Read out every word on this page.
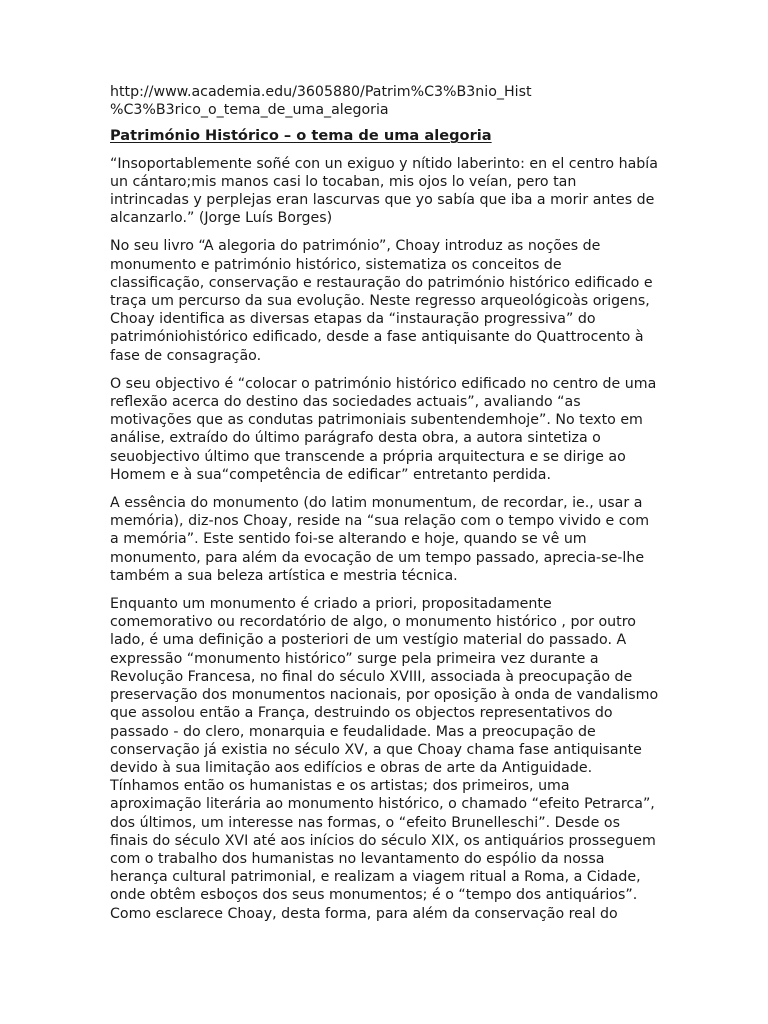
http://www.academia.edu/3605880/Patrim%C3%B3nio_Hist
%C3%B3rico_o_tema_de_uma_alegoria
Património Histórico – o tema de uma alegoria
“Insoportablemente soñé con un exiguo y nítido laberinto: en el centro había
un cántaro;mis manos casi lo tocaban, mis ojos lo veían, pero tan
intrincadas y perplejas eran lascurvas que yo sabía que iba a morir antes de
alcanzarlo.” (Jorge Luís Borges)
No seu livro “A alegoria do património”, Choay introduz as noções de
monumento e património histórico, sistematiza os conceitos de
classificação, conservação e restauração do património histórico edificado e
traça um percurso da sua evolução. Neste regresso arqueológicoàs origens,
Choay identifica as diversas etapas da “instauração progressiva” do
patrimóniohistórico edificado, desde a fase antiquisante do Quattrocento à
fase de consagração.
O seu objectivo é “colocar o património histórico edificado no centro de uma
reflexão acerca do destino das sociedades actuais”, avaliando “as
motivações que as condutas patrimoniais subentendemhoje”. No texto em
análise, extraído do último parágrafo desta obra, a autora sintetiza o
seuobjectivo último que transcende a própria arquitectura e se dirige ao
Homem e à sua“competência de edificar” entretanto perdida.
A essência do monumento (do latim monumentum, de recordar, ie., usar a
memória), diz-nos Choay, reside na “sua relação com o tempo vivido e com
a memória”. Este sentido foi-se alterando e hoje, quando se vê um
monumento, para além da evocação de um tempo passado, aprecia-se-lhe
também a sua beleza artística e mestria técnica.
Enquanto um monumento é criado a priori, propositadamente
comemorativo ou recordatório de algo, o monumento histórico , por outro
lado, é uma definição a posteriori de um vestígio material do passado. A
expressão “monumento histórico” surge pela primeira vez durante a
Revolução Francesa, no final do século XVIII, associada à preocupação de
preservação dos monumentos nacionais, por oposição à onda de vandalismo
que assolou então a França, destruindo os objectos representativos do
passado - do clero, monarquia e feudalidade. Mas a preocupação de
conservação já existia no século XV, a que Choay chama fase antiquisante
devido à sua limitação aos edifícios e obras de arte da Antiguidade.
Tínhamos então os humanistas e os artistas; dos primeiros, uma
aproximação literária ao monumento histórico, o chamado “efeito Petrarca”,
dos últimos, um interesse nas formas, o “efeito Brunelleschi”. Desde os
finais do século XVI até aos inícios do século XIX, os antiquários prosseguem
com o trabalho dos humanistas no levantamento do espólio da nossa
herança cultural patrimonial, e realizam a viagem ritual a Roma, a Cidade,
onde obtêm esboços dos seus monumentos; é o “tempo dos antiquários”.
Como esclarece Choay, desta forma, para além da conservação real do
